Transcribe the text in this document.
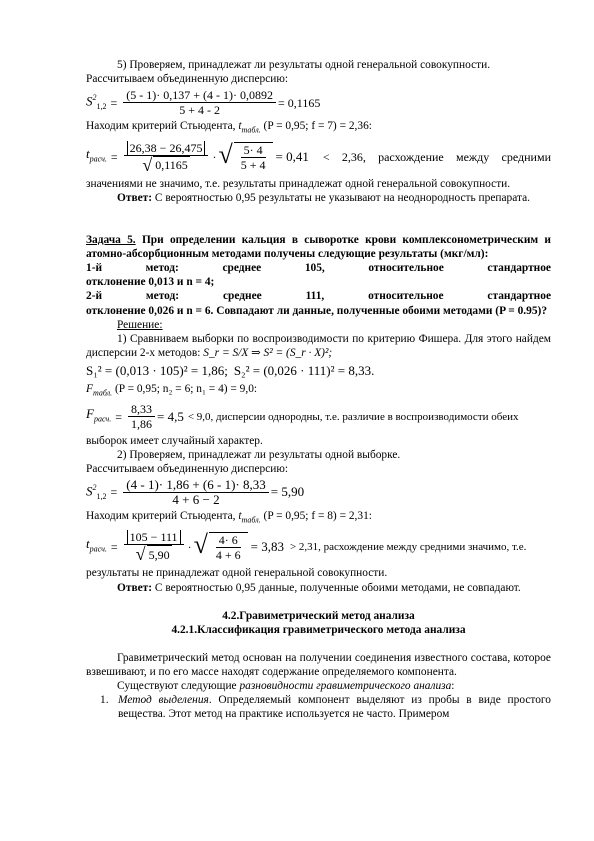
5) Проверяем, принадлежат ли результаты одной генеральной совокупности.

Рассчитываем объединенную дисперсию:

$S^2_{1,2} = \frac{(5 - 1)\cdot 0,137 + (4 - 1)\cdot 0,0892}{5 + 4 - 2} = 0,1165$

Находим критерий Стьюдента, $t_{табл.}$ (P = 0,95; f = 7) = 2,36:

$t_{расч.} = \frac{26,38 - 26,475}{√ 0,1165}$ · √ $\frac{5\cdot 4}{5 + 4} = 0,41 < 2,36$, расхождение между средними

значениями не значимо, т.е. результаты принадлежат одной генеральной совокупности.

Ответ: С вероятностью 0,95 результаты не указывают на неоднородность препарата.

Задача 5. При определении кальция в сыворотке крови комплексонометрическим и атомно-абсорбционным методами получены следующие результаты (мкг/мл):

1-й метод: среднее 105, относительное стандартное

отклонение 0,013 и n = 4;

2-й метод: среднее 111, относительное стандартное

отклонение 0,026 и n = 6. Совпадают ли данные, полученные обоими методами (P = 0.95)?

Решение:

1) Сравниваем выборки по воспроизводимости по критерию Фишера. Для этого найдем дисперсии 2-х методов: S_r = S/X ⇒ S² = (S_r · X)²;

S₁² = (0,013 · 105)² = 1,86; S₂² = (0,026 · 111)² = 8,33.

$F_{табл.}$ (P = 0,95; n₂ = 6; n₁ = 4) = 9,0:

$F_{расч.} = \frac{8,33}{1,86} = 4,5 < 9,0$, дисперсии однородны, т.е. различие в воспроизводимости обеих

выборок имеет случайный характер.

2) Проверяем, принадлежат ли результаты одной выборке.

Рассчитываем объединенную дисперсию:

$S^2_{1,2} = \frac{(4 - 1)\cdot 1,86 + (6 - 1)\cdot 8,33}{4 + 6 - 2} = 5,90$

Находим критерий Стьюдента, $t_{табл.}$ (P = 0,95; f = 8) = 2,31:

$t_{расч.} = \frac{105 - 111}{√ 5,90}$ · √ $\frac{4\cdot 6}{4 + 6} = 3,83 > 2,31$, расхождение между средними значимо, т.е.

результаты не принадлежат одной генеральной совокупности.

Ответ: С вероятностью 0,95 данные, полученные обоими методами, не совпадают.

4.2.Гравиметрический метод анализа

4.2.1.Классификация гравиметрического метода анализа

Гравиметрический метод основан на получении соединения известного состава, которое взвешивают, и по его массе находят содержание определяемого компонента.

Существуют следующие разновидности гравиметрического анализа:

1. Метод выделения. Определяемый компонент выделяют из пробы в виде простого вещества. Этот метод на практике используется не часто. Примером
